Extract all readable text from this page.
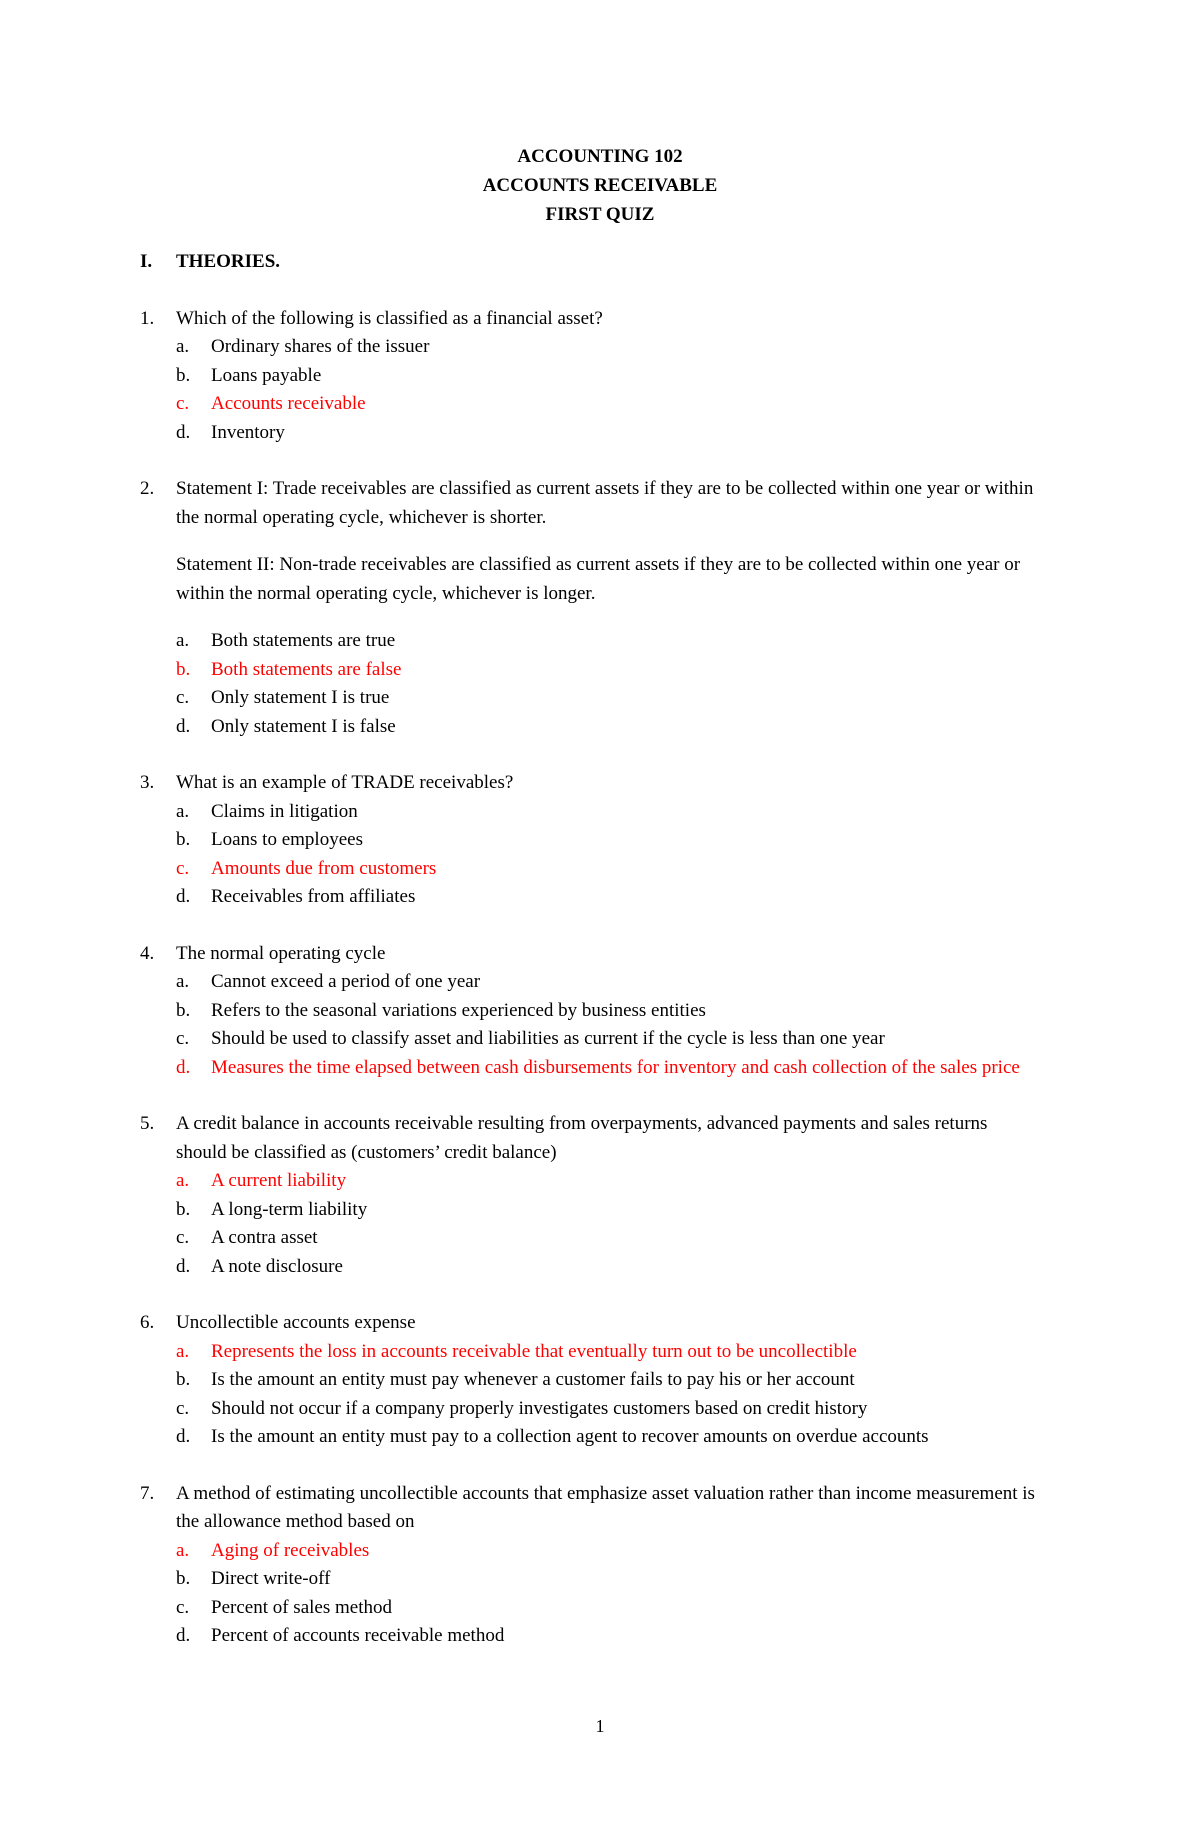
ACCOUNTING 102
ACCOUNTS RECEIVABLE
FIRST QUIZ
I.	THEORIES.
1.	Which of the following is classified as a financial asset?
a.	Ordinary shares of the issuer
b.	Loans payable
c.	Accounts receivable
d.	Inventory
2.	Statement I: Trade receivables are classified as current assets if they are to be collected within one year or within the normal operating cycle, whichever is shorter.
Statement II: Non-trade receivables are classified as current assets if they are to be collected within one year or within the normal operating cycle, whichever is longer.
a.	Both statements are true
b.	Both statements are false
c.	Only statement I is true
d.	Only statement I is false
3.	What is an example of TRADE receivables?
a.	Claims in litigation
b.	Loans to employees
c.	Amounts due from customers
d.	Receivables from affiliates
4.	The normal operating cycle
a.	Cannot exceed a period of one year
b.	Refers to the seasonal variations experienced by business entities
c.	Should be used to classify asset and liabilities as current if the cycle is less than one year
d.	Measures the time elapsed between cash disbursements for inventory and cash collection of the sales price
5.	A credit balance in accounts receivable resulting from overpayments, advanced payments and sales returns should be classified as (customers’ credit balance)
a.	A current liability
b.	A long-term liability
c.	A contra asset
d.	A note disclosure
6.	Uncollectible accounts expense
a.	Represents the loss in accounts receivable that eventually turn out to be uncollectible
b.	Is the amount an entity must pay whenever a customer fails to pay his or her account
c.	Should not occur if a company properly investigates customers based on credit history
d.	Is the amount an entity must pay to a collection agent to recover amounts on overdue accounts
7.	A method of estimating uncollectible accounts that emphasize asset valuation rather than income measurement is the allowance method based on
a.	Aging of receivables
b.	Direct write-off
c.	Percent of sales method
d.	Percent of accounts receivable method
1
